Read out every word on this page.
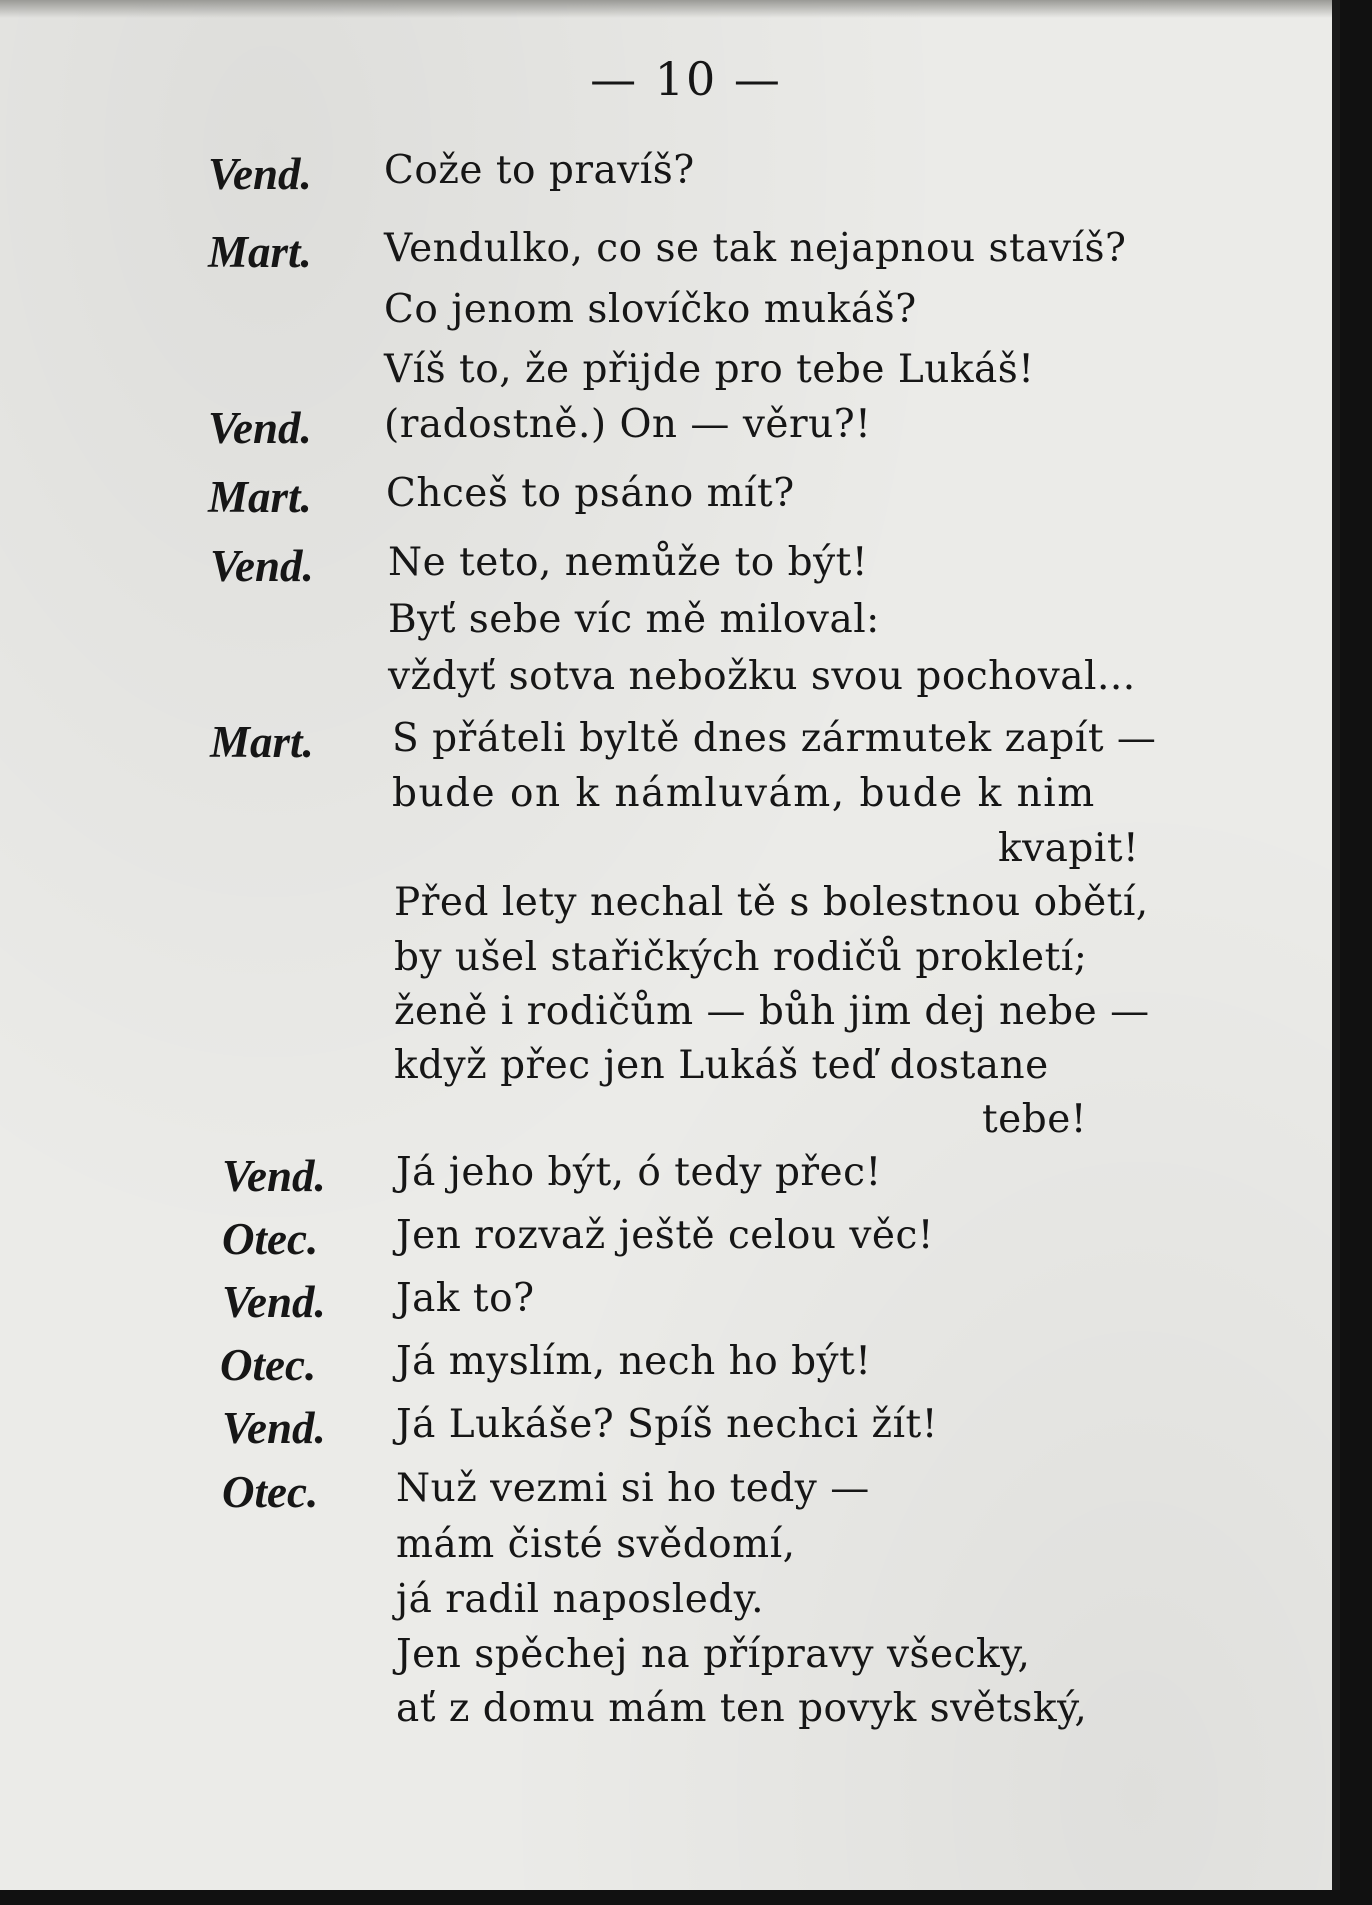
— 10 —
Vend. Cože to pravíš?
Mart. Vendulko, co se tak nejapnou stavíš?
Co jenom slovíčko mukáš?
Víš to, že přijde pro tebe Lukáš!
Vend. (radostně.) On — věru?!
Mart. Chceš to psáno mít?
Vend. Ne teto, nemůže to být!
Byť sebe víc mě miloval:
vždyť sotva nebožku svou pochoval...
Mart. S přáteli byltě dnes zármutek zapít —
bude on k námluvám, bude k nim
kvapit!
Před lety nechal tě s bolestnou obětí,
by ušel stařičkých rodičů prokletí;
ženě i rodičům — bůh jim dej nebe —
když přec jen Lukáš teď dostane
tebe!
Vend. Já jeho být, ó tedy přec!
Otec. Jen rozvaž ještě celou věc!
Vend. Jak to?
Otec. Já myslím, nech ho být!
Vend. Já Lukáše? Spíš nechci žít!
Otec. Nuž vezmi si ho tedy —
mám čisté svědomí,
já radil naposledy.
Jen spěchej na přípravy všecky,
ať z domu mám ten povyk světský,
